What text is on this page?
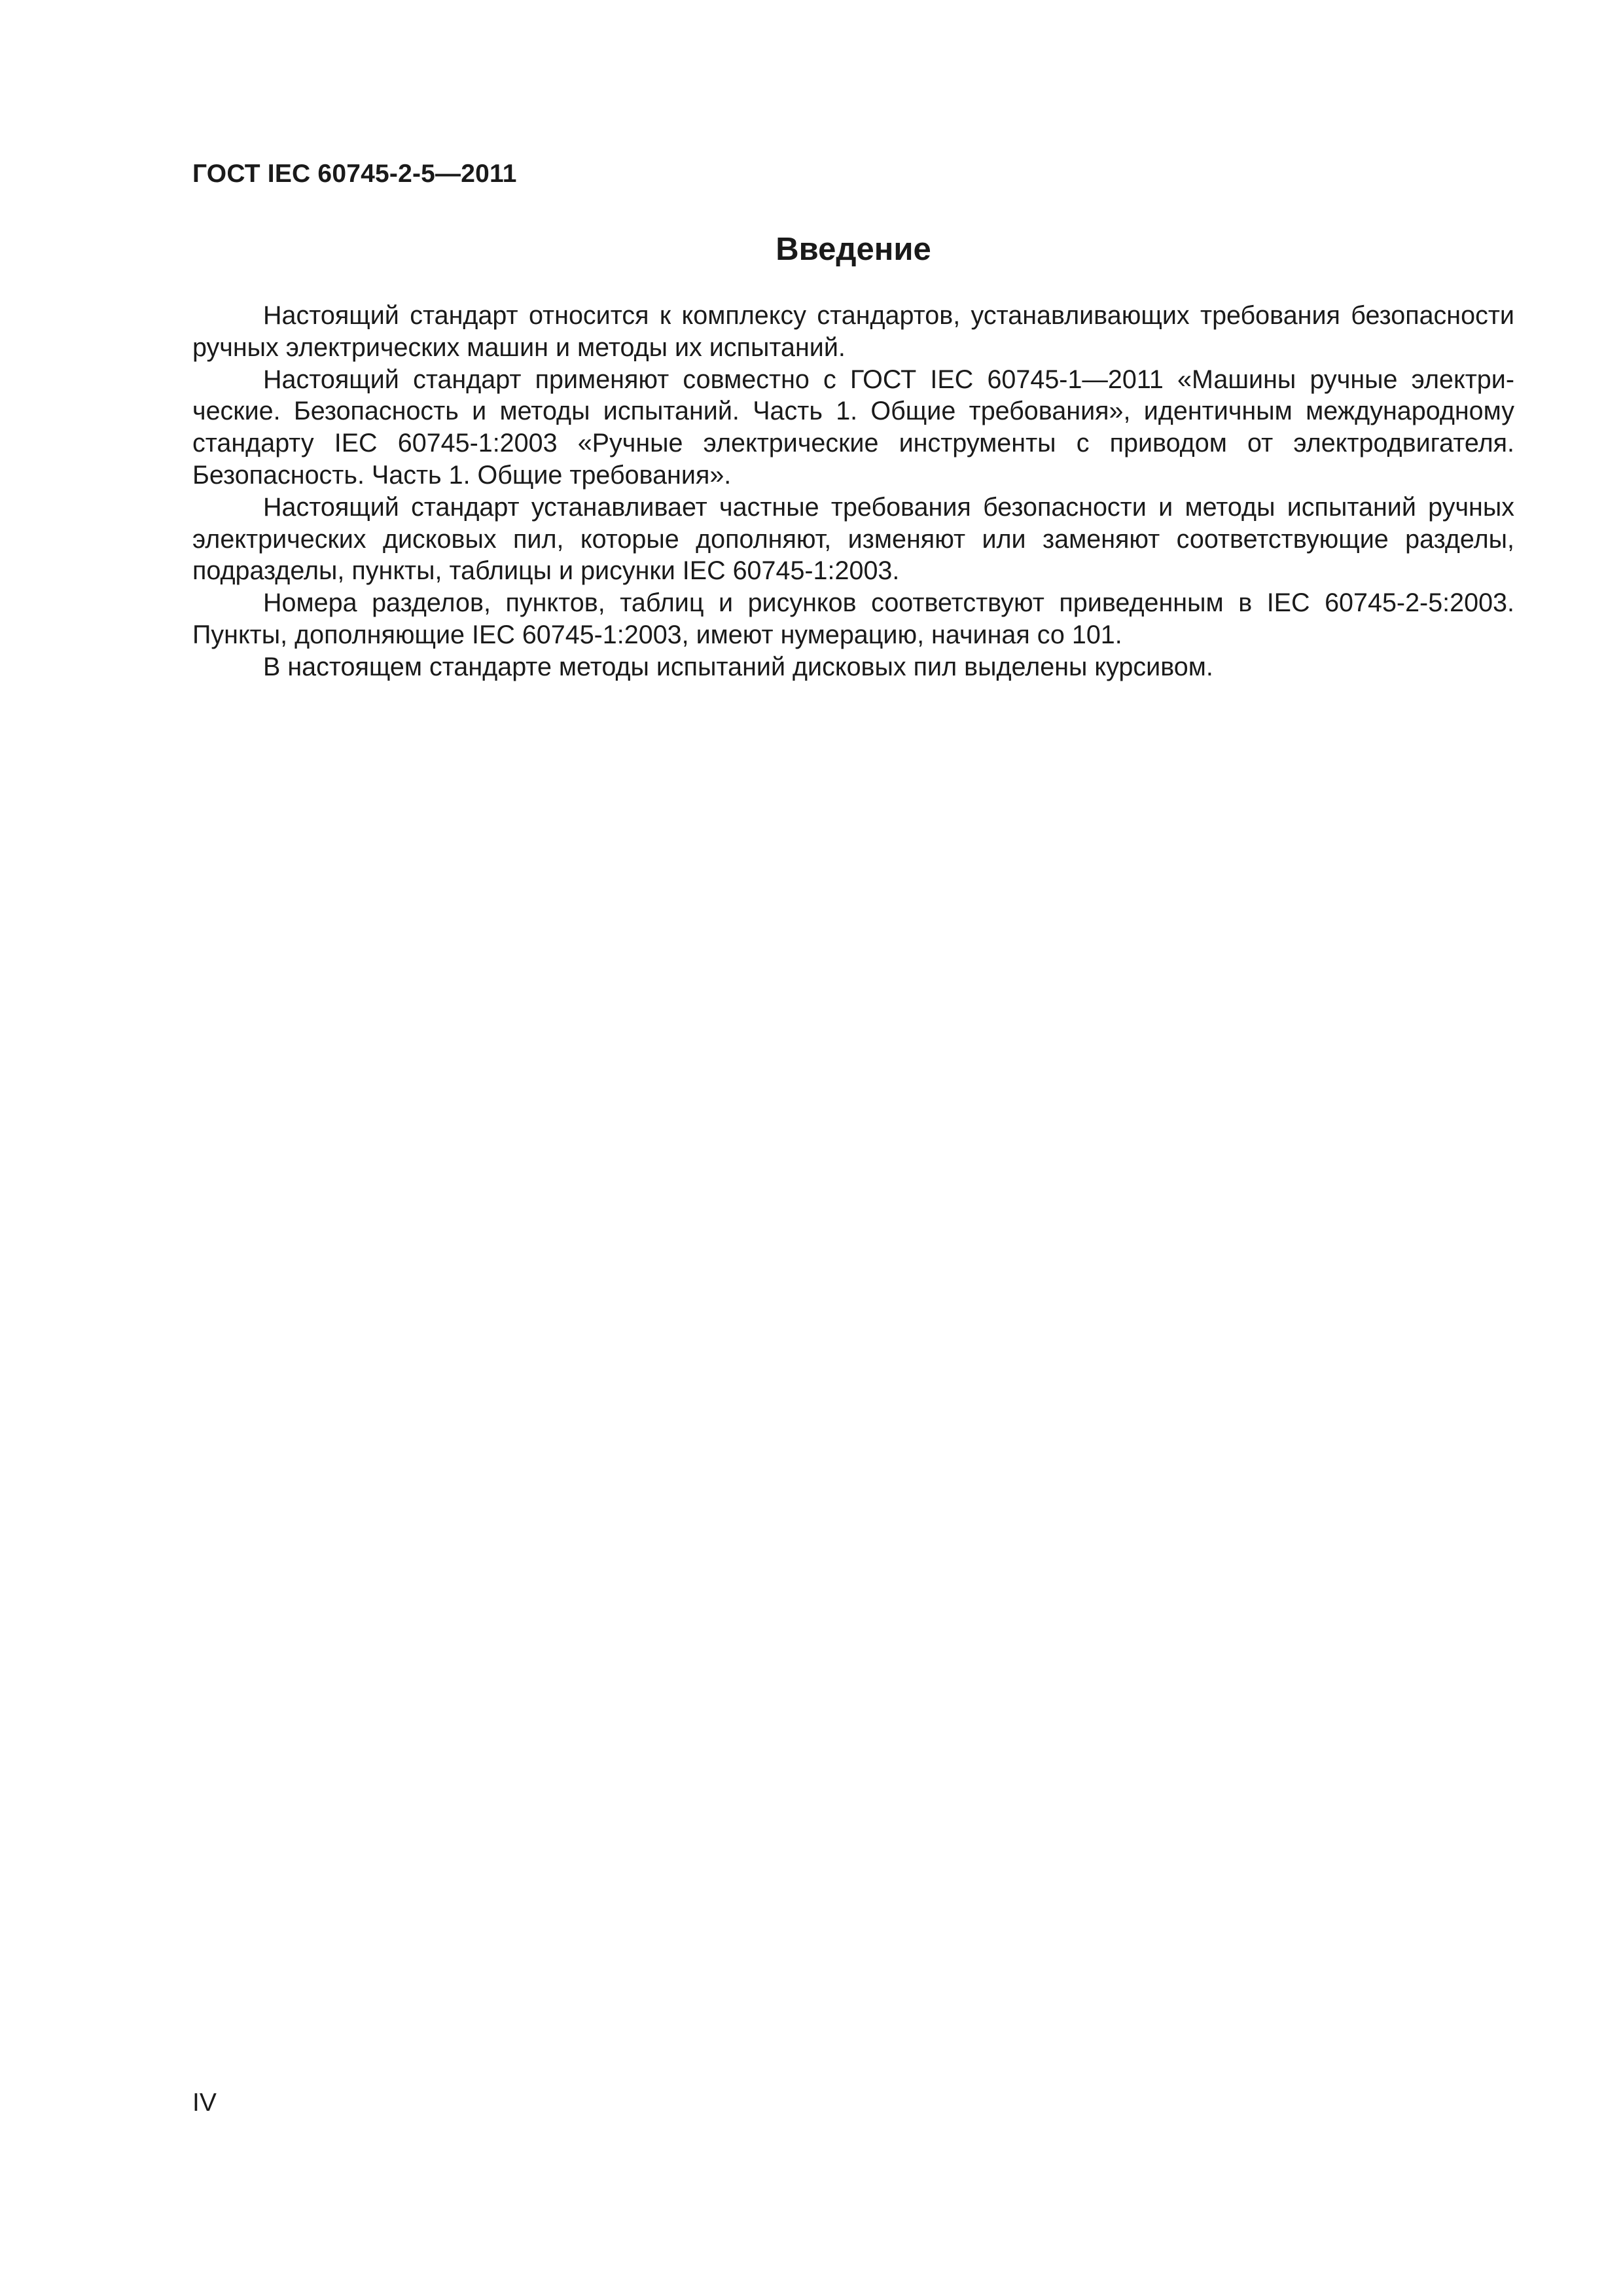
ГОСТ IEC 60745-2-5—2011
Введение

Настоящий стандарт относится к комплексу стандартов, устанавливающих требования безопасности ручных электрических машин и методы их испытаний.

Настоящий стандарт применяют совместно с ГОСТ IEC 60745-1—2011 «Машины ручные электрические. Безопасность и методы испытаний. Часть 1. Общие требования», идентичным международному стандарту IEC 60745-1:2003 «Ручные электрические инструменты с приводом от электродвигателя. Безопасность. Часть 1. Общие требования».

Настоящий стандарт устанавливает частные требования безопасности и методы испытаний ручных электрических дисковых пил, которые дополняют, изменяют или заменяют соответствующие разделы, подразделы, пункты, таблицы и рисунки IEC 60745-1:2003.

Номера разделов, пунктов, таблиц и рисунков соответствуют приведенным в IEC 60745-2-5:2003. Пункты, дополняющие IEC 60745-1:2003, имеют нумерацию, начиная со 101.

В настоящем стандарте методы испытаний дисковых пил выделены курсивом.

IV
